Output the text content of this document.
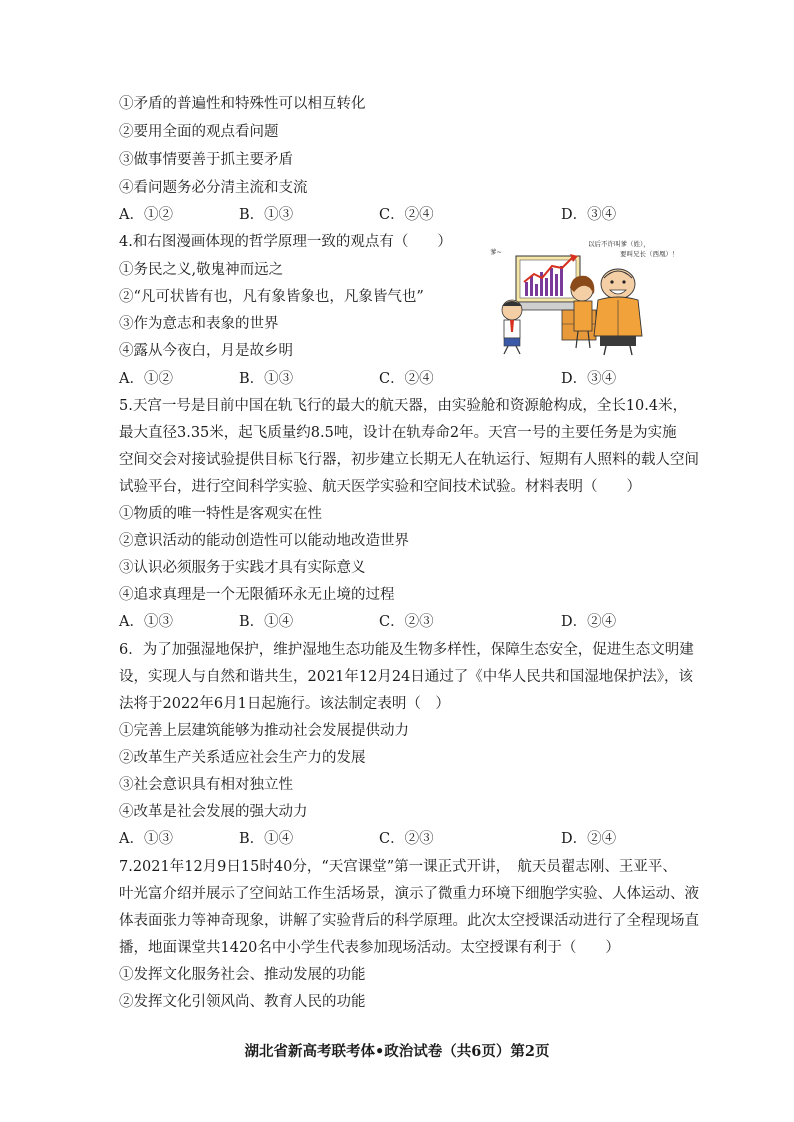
①矛盾的普遍性和特殊性可以相互转化
②要用全面的观点看问题
③做事情要善于抓主要矛盾
④看问题务必分清主流和支流
A．①②	B．①③	C．②④	D．③④
4.和右图漫画体现的哲学原理一致的观点有（　　）
①务民之义,敬鬼神而远之
②“凡可状皆有也，凡有象皆象也，凡象皆气也”
③作为意志和表象的世界
④露从今夜白，月是故乡明
A．①②	B．①③	C．②④	D．③④
爹~
以后不许叫爹（姓），
要叫兄长（西凰）！
5.天宫一号是目前中国在轨飞行的最大的航天器，由实验舱和资源舱构成，全长10.4米，
最大直径3.35米，起飞质量约8.5吨，设计在轨寿命2年。天宫一号的主要任务是为实施
空间交会对接试验提供目标飞行器，初步建立长期无人在轨运行、短期有人照料的载人空间
试验平台，进行空间科学实验、航天医学实验和空间技术试验。材料表明（　　）
①物质的唯一特性是客观实在性
②意识活动的能动创造性可以能动地改造世界
③认识必须服务于实践才具有实际意义
④追求真理是一个无限循环永无止境的过程
A．①③	B．①④	C．②③	D．②④
6．为了加强湿地保护，维护湿地生态功能及生物多样性，保障生态安全，促进生态文明建
设，实现人与自然和谐共生，2021年12月24日通过了《中华人民共和国湿地保护法》，该
法将于2022年6月1日起施行。该法制定表明（　）
①完善上层建筑能够为推动社会发展提供动力
②改革生产关系适应社会生产力的发展
③社会意识具有相对独立性
④改革是社会发展的强大动力
A．①③	B．①④	C．②③	D．②④
7.2021年12月9日15时40分，“天宫课堂”第一课正式开讲，　航天员翟志刚、王亚平、
叶光富介绍并展示了空间站工作生活场景，演示了微重力环境下细胞学实验、人体运动、液
体表面张力等神奇现象，讲解了实验背后的科学原理。此次太空授课活动进行了全程现场直
播，地面课堂共1420名中小学生代表参加现场活动。太空授课有利于（　　）
①发挥文化服务社会、推动发展的功能
②发挥文化引领风尚、教育人民的功能
湖北省新高考联考体•政治试卷（共6页）第2页
